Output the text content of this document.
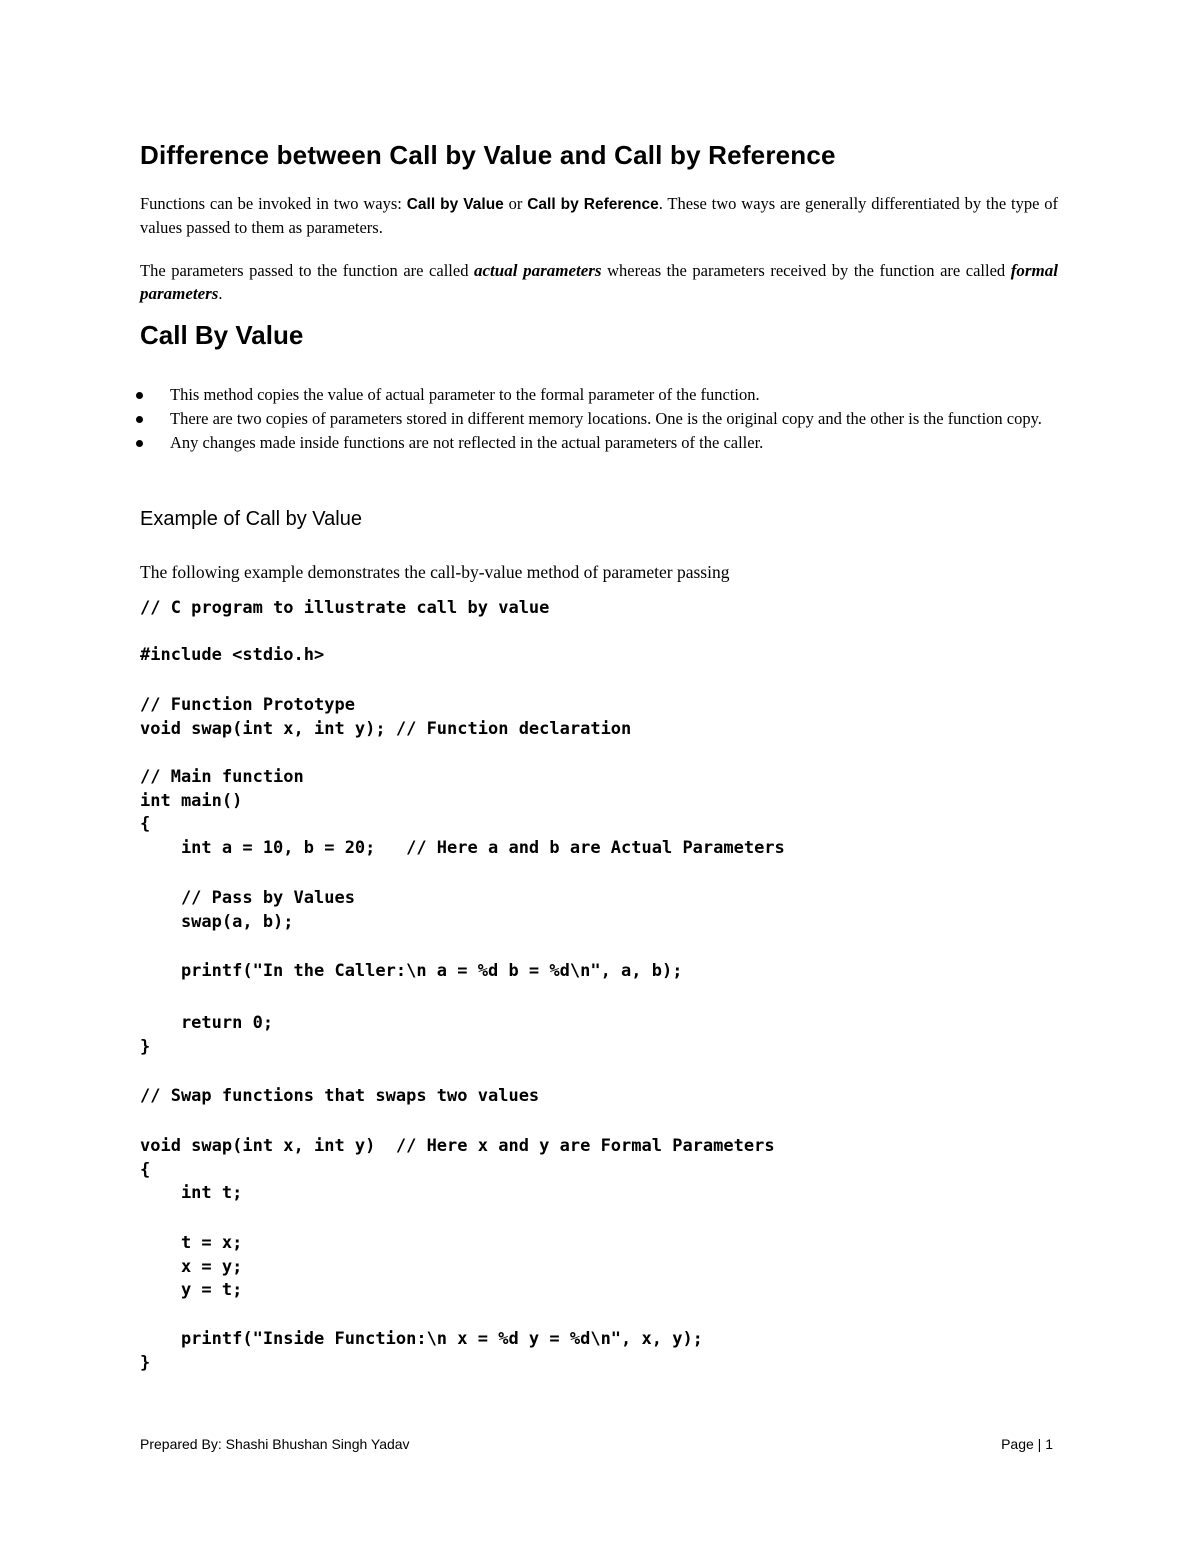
Difference between Call by Value and Call by Reference

Functions can be invoked in two ways: Call by Value or Call by Reference. These two ways are generally differentiated by the type of values passed to them as parameters.

The parameters passed to the function are called actual parameters whereas the parameters received by the function are called formal parameters.

Call By Value
This method copies the value of actual parameter to the formal parameter of the function.
There are two copies of parameters stored in different memory locations. One is the original copy and the other is the function copy.
Any changes made inside functions are not reflected in the actual parameters of the caller.
Example of Call by Value

The following example demonstrates the call-by-value method of parameter passing

// C program to illustrate call by value
#include <stdio.h>
// Function Prototype
void swap(int x, int y); // Function declaration
// Main function
int main()
{
int a = 10, b = 20;   // Here a and b are Actual Parameters
// Pass by Values
swap(a, b);
printf("In the Caller:\n a = %d b = %d\n", a, b);
return 0;
}
// Swap functions that swaps two values
void swap(int x, int y)  // Here x and y are Formal Parameters
{
int t;
t = x;
x = y;
y = t;
printf("Inside Function:\n x = %d y = %d\n", x, y);
}
Prepared By: Shashi Bhushan Singh Yadav	Page | 1
